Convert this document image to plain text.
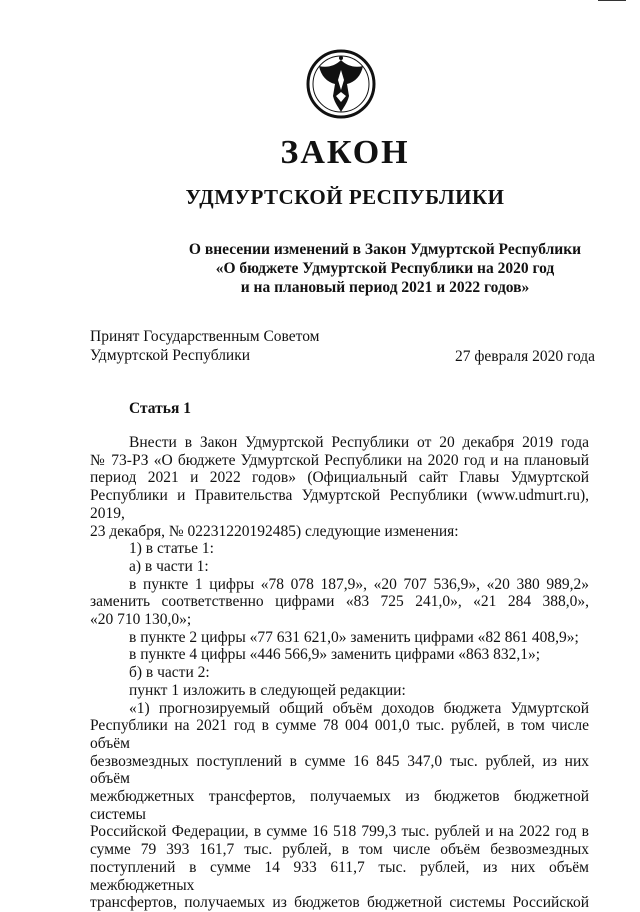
ЗАКОН
УДМУРТСКОЙ РЕСПУБЛИКИ
О внесении изменений в Закон Удмуртской Республики
«О бюджете Удмуртской Республики на 2020 год
и на плановый период 2021 и 2022 годов»
Принят Государственным Советом
Удмуртской Республики	27 февраля 2020 года
Статья 1
Внести в Закон Удмуртской Республики от 20 декабря 2019 года
№ 73-РЗ «О бюджете Удмуртской Республики на 2020 год и на плановый
период 2021 и 2022 годов» (Официальный сайт Главы Удмуртской
Республики и Правительства Удмуртской Республики (www.udmurt.ru), 2019,
23 декабря, № 02231220192485) следующие изменения:
1) в статье 1:
а) в части 1:
в пункте 1 цифры «78 078 187,9», «20 707 536,9», «20 380 989,2»
заменить соответственно цифрами «83 725 241,0», «21 284 388,0»,
«20 710 130,0»;
в пункте 2 цифры «77 631 621,0» заменить цифрами «82 861 408,9»;
в пункте 4 цифры «446 566,9» заменить цифрами «863 832,1»;
б) в части 2:
пункт 1 изложить в следующей редакции:
«1) прогнозируемый общий объём доходов бюджета Удмуртской
Республики на 2021 год в сумме 78 004 001,0 тыс. рублей, в том числе объём
безвозмездных поступлений в сумме 16 845 347,0 тыс. рублей, из них объём
межбюджетных трансфертов, получаемых из бюджетов бюджетной системы
Российской Федерации, в сумме 16 518 799,3 тыс. рублей и на 2022 год в
сумме 79 393 161,7 тыс. рублей, в том числе объём безвозмездных
поступлений в сумме 14 933 611,7 тыс. рублей, из них объём межбюджетных
трансфертов, получаемых из бюджетов бюджетной системы Российской
